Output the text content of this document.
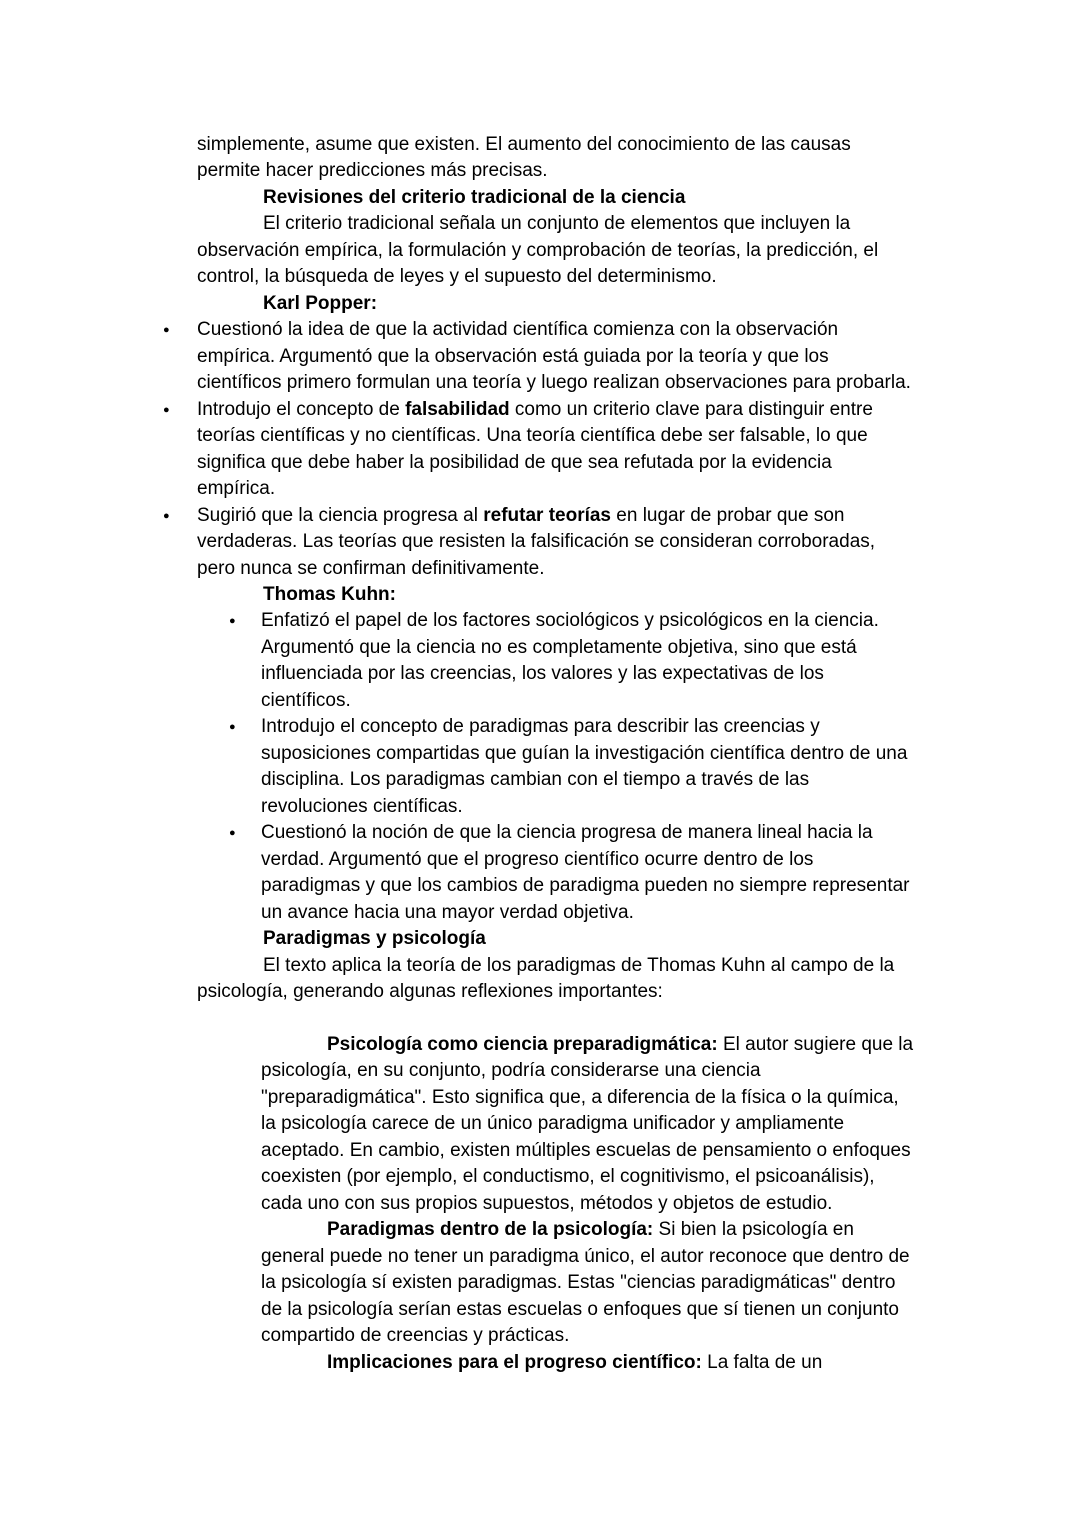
simplemente, asume que existen. El aumento del conocimiento de las causas
permite hacer predicciones más precisas.
Revisiones del criterio tradicional de la ciencia
El criterio tradicional señala un conjunto de elementos que incluyen la
observación empírica, la formulación y comprobación de teorías, la predicción, el
control, la búsqueda de leyes y el supuesto del determinismo.
Karl Popper:
● Cuestionó la idea de que la actividad científica comienza con la observación
empírica. Argumentó que la observación está guiada por la teoría y que los
científicos primero formulan una teoría y luego realizan observaciones para probarla.
● Introdujo el concepto de falsabilidad como un criterio clave para distinguir entre
teorías científicas y no científicas. Una teoría científica debe ser falsable, lo que
significa que debe haber la posibilidad de que sea refutada por la evidencia
empírica.
● Sugirió que la ciencia progresa al refutar teorías en lugar de probar que son
verdaderas. Las teorías que resisten la falsificación se consideran corroboradas,
pero nunca se confirman definitivamente.
Thomas Kuhn:
● Enfatizó el papel de los factores sociológicos y psicológicos en la ciencia.
Argumentó que la ciencia no es completamente objetiva, sino que está
influenciada por las creencias, los valores y las expectativas de los
científicos.
● Introdujo el concepto de paradigmas para describir las creencias y
suposiciones compartidas que guían la investigación científica dentro de una
disciplina. Los paradigmas cambian con el tiempo a través de las
revoluciones científicas.
● Cuestionó la noción de que la ciencia progresa de manera lineal hacia la
verdad. Argumentó que el progreso científico ocurre dentro de los
paradigmas y que los cambios de paradigma pueden no siempre representar
un avance hacia una mayor verdad objetiva.
Paradigmas y psicología
El texto aplica la teoría de los paradigmas de Thomas Kuhn al campo de la
psicología, generando algunas reflexiones importantes:

Psicología como ciencia preparadigmática: El autor sugiere que la
psicología, en su conjunto, podría considerarse una ciencia
"preparadigmática". Esto significa que, a diferencia de la física o la química,
la psicología carece de un único paradigma unificador y ampliamente
aceptado. En cambio, existen múltiples escuelas de pensamiento o enfoques
coexisten (por ejemplo, el conductismo, el cognitivismo, el psicoanálisis),
cada uno con sus propios supuestos, métodos y objetos de estudio.
Paradigmas dentro de la psicología: Si bien la psicología en
general puede no tener un paradigma único, el autor reconoce que dentro de
la psicología sí existen paradigmas. Estas "ciencias paradigmáticas" dentro
de la psicología serían estas escuelas o enfoques que sí tienen un conjunto
compartido de creencias y prácticas.
Implicaciones para el progreso científico: La falta de un
